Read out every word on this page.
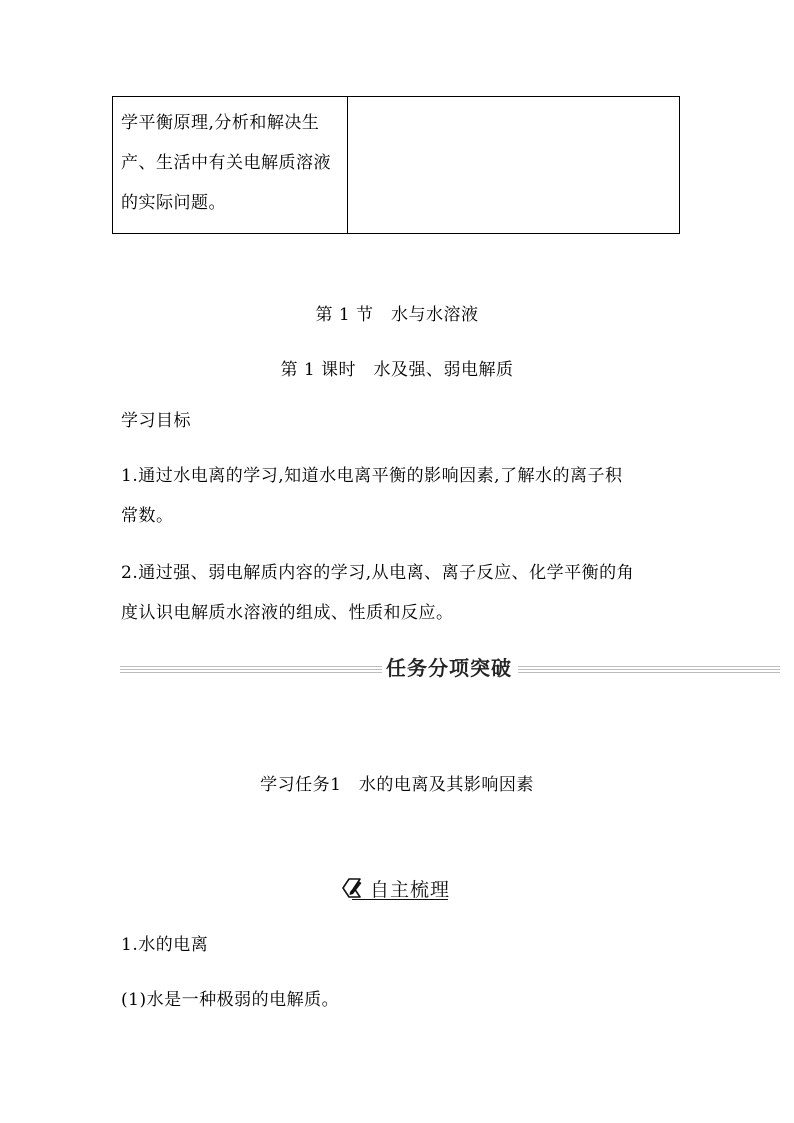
学平衡原理,分析和解决生
产、生活中有关电解质溶液
的实际问题。
第 1 节　水与水溶液
第 1 课时　水及强、弱电解质
学习目标
1.通过水电离的学习,知道水电离平衡的影响因素,了解水的离子积
常数。
2.通过强、弱电解质内容的学习,从电离、离子反应、化学平衡的角
度认识电解质水溶液的组成、性质和反应。
任务分项突破
学习任务1　水的电离及其影响因素
自主梳理
1.水的电离
(1)水是一种极弱的电解质。
